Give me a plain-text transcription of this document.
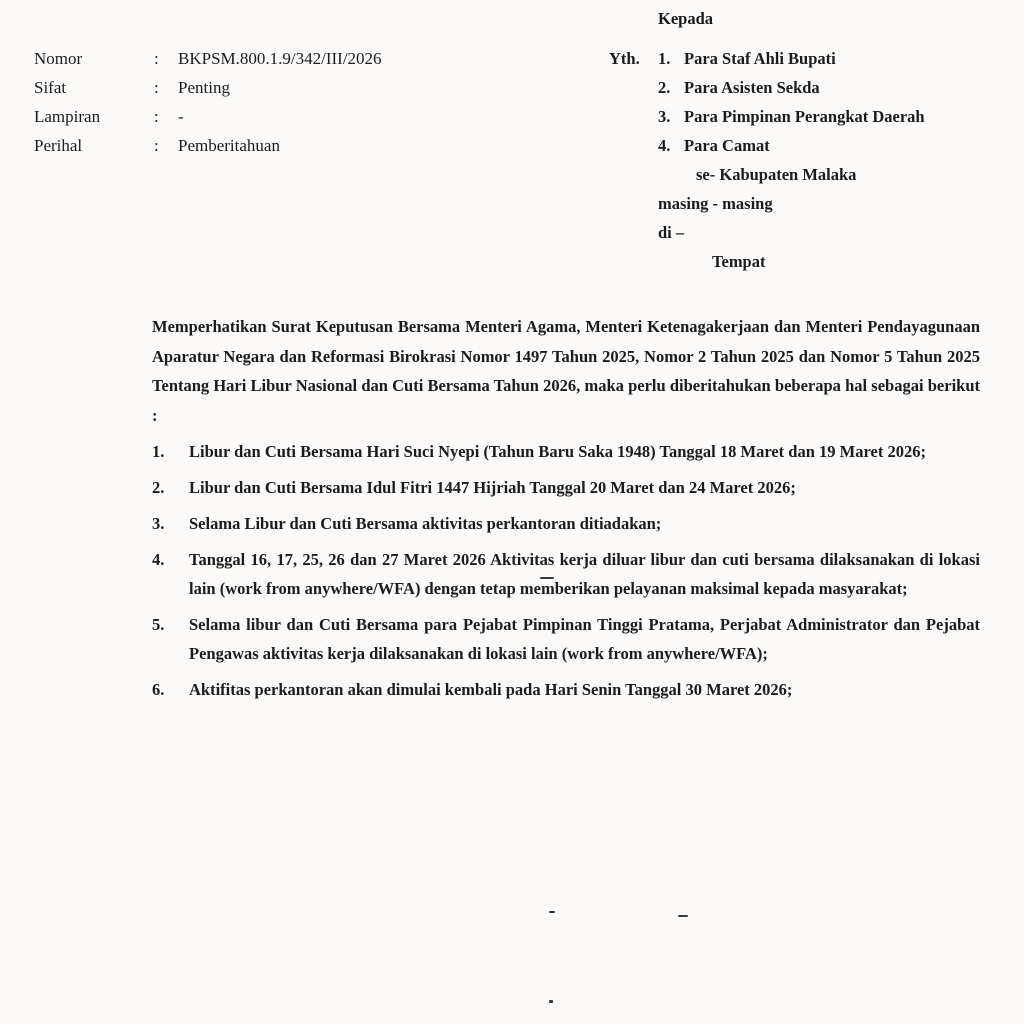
Kepada
Nomor	:	BKPSM.800.1.9/342/III/2026
Sifat	:	Penting
Lampiran	:	-
Perihal	:	Pemberitahuan
Yth. 1. Para Staf Ahli Bupati
2. Para Asisten Sekda
3. Para Pimpinan Perangkat Daerah
4. Para Camat
se- Kabupaten Malaka
masing - masing
di –
Tempat

Memperhatikan Surat Keputusan Bersama Menteri Agama, Menteri Ketenagakerjaan dan Menteri Pendayagunaan Aparatur Negara dan Reformasi Birokrasi Nomor 1497 Tahun 2025, Nomor 2 Tahun 2025 dan Nomor 5 Tahun 2025 Tentang Hari Libur Nasional dan Cuti Bersama Tahun 2026, maka perlu diberitahukan beberapa hal sebagai berikut :

1.	Libur dan Cuti Bersama Hari Suci Nyepi (Tahun Baru Saka 1948) Tanggal 18 Maret dan 19 Maret 2026;
2.	Libur dan Cuti Bersama Idul Fitri 1447 Hijriah Tanggal 20 Maret dan 24 Maret 2026;
3.	Selama Libur dan Cuti Bersama aktivitas perkantoran ditiadakan;
4.	Tanggal 16, 17, 25, 26 dan 27 Maret 2026 Aktivitas kerja diluar libur dan cuti bersama dilaksanakan di lokasi lain (work from anywhere/WFA) dengan tetap memberikan pelayanan maksimal kepada masyarakat;
5.	Selama libur dan Cuti Bersama para Pejabat Pimpinan Tinggi Pratama, Perjabat Administrator dan Pejabat Pengawas aktivitas kerja dilaksanakan di lokasi lain (work from anywhere/WFA);
6.	Aktifitas perkantoran akan dimulai kembali pada Hari Senin Tanggal 30 Maret 2026;
